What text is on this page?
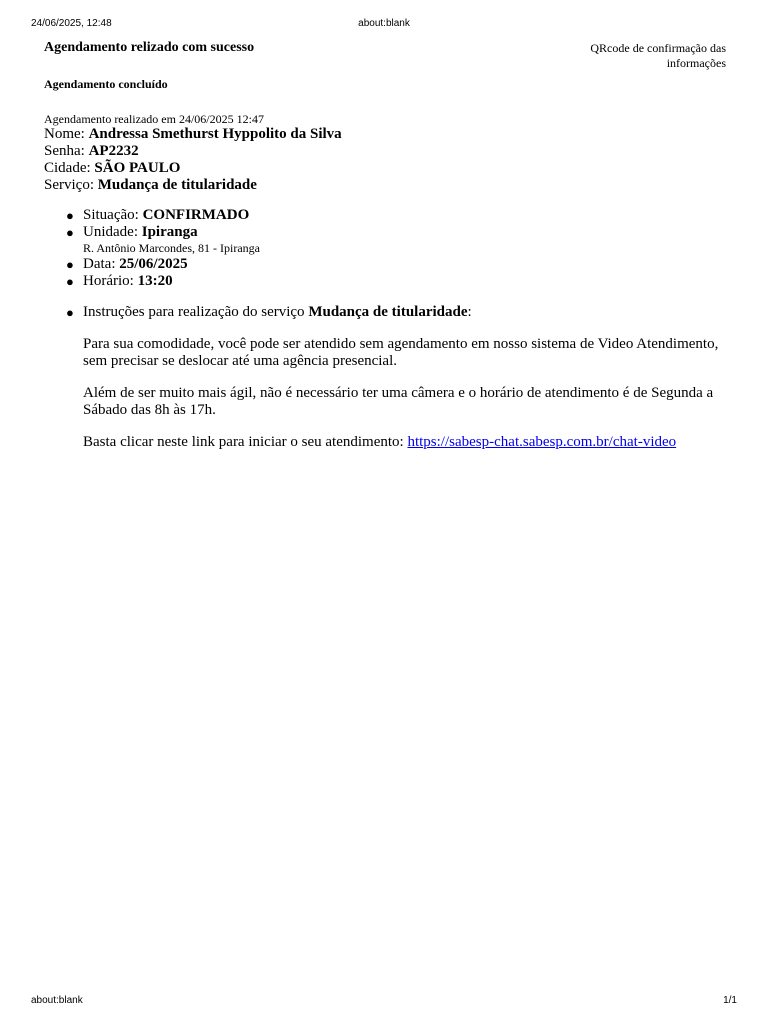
24/06/2025, 12:48	about:blank
Agendamento relizado com sucesso	QRcode de confirmação das informações
Agendamento concluído
Agendamento realizado em 24/06/2025 12:47
Nome: Andressa Smethurst Hyppolito da Silva
Senha: AP2232
Cidade: SÃO PAULO
Serviço: Mudança de titularidade
● Situação: CONFIRMADO
● Unidade: Ipiranga
R. Antônio Marcondes, 81 - Ipiranga
● Data: 25/06/2025
● Horário: 13:20
● Instruções para realização do serviço Mudança de titularidade:

Para sua comodidade, você pode ser atendido sem agendamento em nosso sistema de Video Atendimento, sem precisar se deslocar até uma agência presencial.

Além de ser muito mais ágil, não é necessário ter uma câmera e o horário de atendimento é de Segunda a Sábado das 8h às 17h.

Basta clicar neste link para iniciar o seu atendimento: https://sabesp-chat.sabesp.com.br/chat-video

about:blank	1/1
